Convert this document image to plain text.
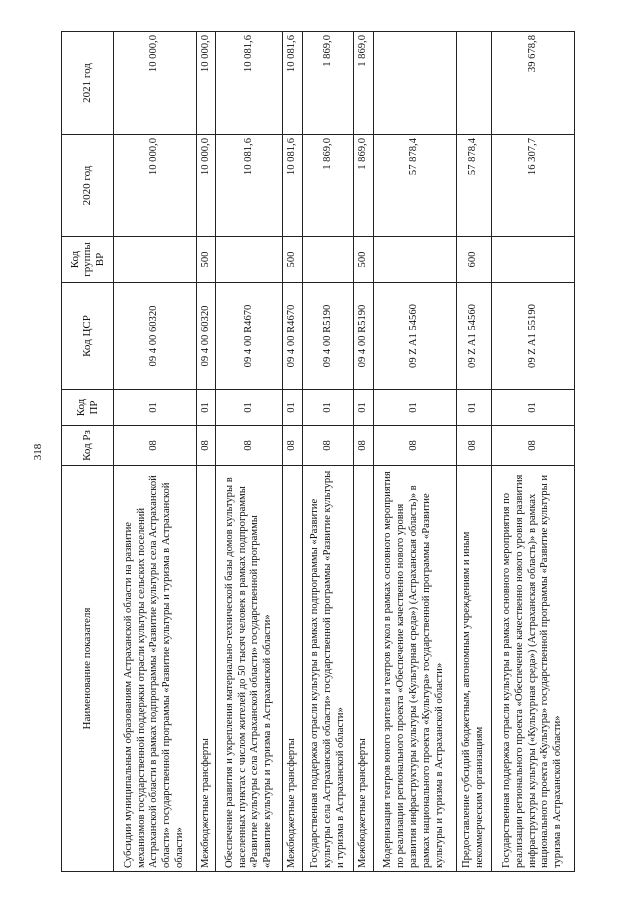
318
Наименование показателя	Код Рз	Код ПР	Код ЦСР	Код группы ВР	2020 год	2021 год
Субсидии муниципальным образованиям Астраханской области на развитие механизмов государственной поддержки отрасли культуры сельских поселений Астраханской области в рамках подпрограммы «Развитие культуры села Астраханской области» государственной программы «Развитие культуры и туризма в Астраханской области»	08	01	09 4 00 60320		10 000,0	10 000,0
Межбюджетные трансферты	08	01	09 4 00 60320	500	10 000,0	10 000,0
Обеспечение развития и укрепления материально-технической базы домов культуры в населенных пунктах с числом жителей до 50 тысяч человек в рамках подпрограммы «Развитие культуры села Астраханской области» государственной программы «Развитие культуры и туризма в Астраханской области»	08	01	09 4 00 R4670		10 081,6	10 081,6
Межбюджетные трансферты	08	01	09 4 00 R4670	500	10 081,6	10 081,6
Государственная поддержка отрасли культуры в рамках подпрограммы «Развитие культуры села Астраханской области» государственной программы «Развитие культуры и туризма в Астраханской области»	08	01	09 4 00 R5190		1 869,0	1 869,0
Межбюджетные трансферты	08	01	09 4 00 R5190	500	1 869,0	1 869,0
Модернизация театров юного зрителя и театров кукол в рамках основного мероприятия по реализации регионального проекта «Обеспечение качественно нового уровня развития инфраструктуры культуры («Культурная среда») (Астраханская область)» в рамках национального проекта «Культура» государственной программы «Развитие культуры и туризма в Астраханской области»	08	01	09 Z A1 54560		57 878,4	
Предоставление субсидий бюджетным, автономным учреждениям и иным некоммерческим организациям	08	01	09 Z A1 54560	600	57 878,4	
Государственная поддержка отрасли культуры в рамках основного мероприятия по реализации регионального проекта «Обеспечение качественно нового уровня развития инфраструктуры культуры («Культурная среда») (Астраханская область)» в рамках национального проекта «Культура» государственной программы «Развитие культуры и туризма в Астраханской области»	08	01	09 Z A1 55190		16 307,7	39 678,8
